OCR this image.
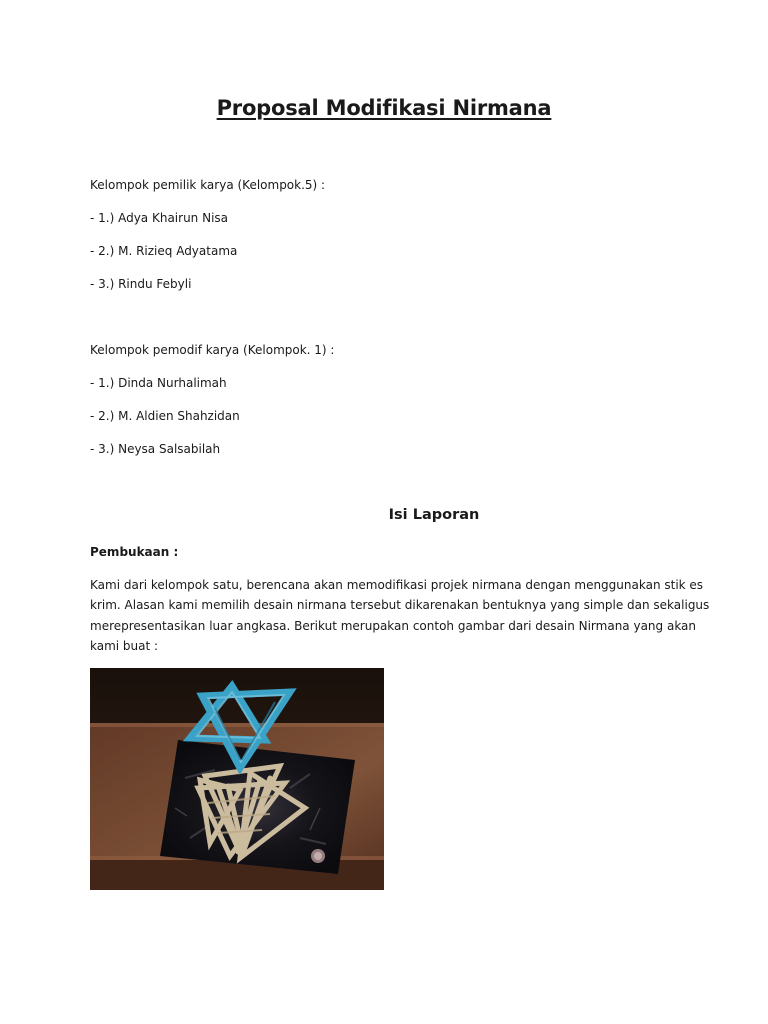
Proposal Modifikasi Nirmana
Kelompok pemilik karya (Kelompok.5) :
- 1.) Adya Khairun Nisa
- 2.) M. Rizieq Adyatama
- 3.) Rindu Febyli
Kelompok pemodif karya (Kelompok. 1) :
- 1.) Dinda Nurhalimah
- 2.) M. Aldien Shahzidan
- 3.) Neysa Salsabilah
Isi Laporan
Pembukaan :
Kami dari kelompok satu, berencana akan memodifikasi projek nirmana dengan menggunakan stik es
krim. Alasan kami memilih desain nirmana tersebut dikarenakan bentuknya yang simple dan sekaligus
merepresentasikan luar angkasa. Berikut merupakan contoh gambar dari desain Nirmana yang akan
kami buat :
